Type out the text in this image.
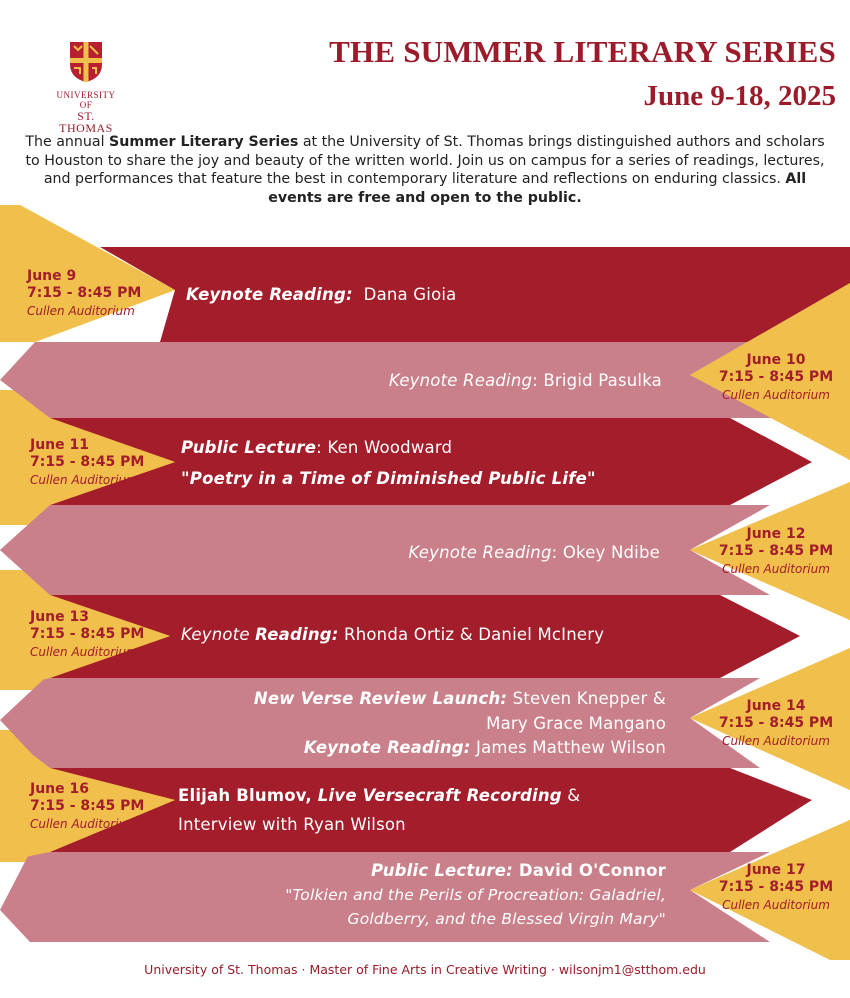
UNIVERSITY OF
ST. THOMAS
THE SUMMER LITERARY SERIES
June 9-18, 2025
The annual Summer Literary Series at the University of St. Thomas brings distinguished authors and scholars to Houston to share the joy and beauty of the written world. Join us on campus for a series of readings, lectures, and performances that feature the best in contemporary literature and reflections on enduring classics. All events are free and open to the public.
June 9
7:15 - 8:45 PM
Cullen Auditorium
Keynote Reading: Dana Gioia
June 10
7:15 - 8:45 PM
Cullen Auditorium
Keynote Reading: Brigid Pasulka
June 11
7:15 - 8:45 PM
Cullen Auditorium
Public Lecture: Ken Woodward
"Poetry in a Time of Diminished Public Life"
June 12
7:15 - 8:45 PM
Cullen Auditorium
Keynote Reading: Okey Ndibe
June 13
7:15 - 8:45 PM
Cullen Auditorium
Keynote Reading: Rhonda Ortiz & Daniel McInery
June 14
7:15 - 8:45 PM
Cullen Auditorium
New Verse Review Launch: Steven Knepper &
Mary Grace Mangano
Keynote Reading: James Matthew Wilson
June 16
7:15 - 8:45 PM
Cullen Auditorium
Elijah Blumov, Live Versecraft Recording &
Interview with Ryan Wilson
June 17
7:15 - 8:45 PM
Cullen Auditorium
Public Lecture: David O'Connor
"Tolkien and the Perils of Procreation: Galadriel,
Goldberry, and the Blessed Virgin Mary"
University of St. Thomas · Master of Fine Arts in Creative Writing · wilsonjm1@stthom.edu
